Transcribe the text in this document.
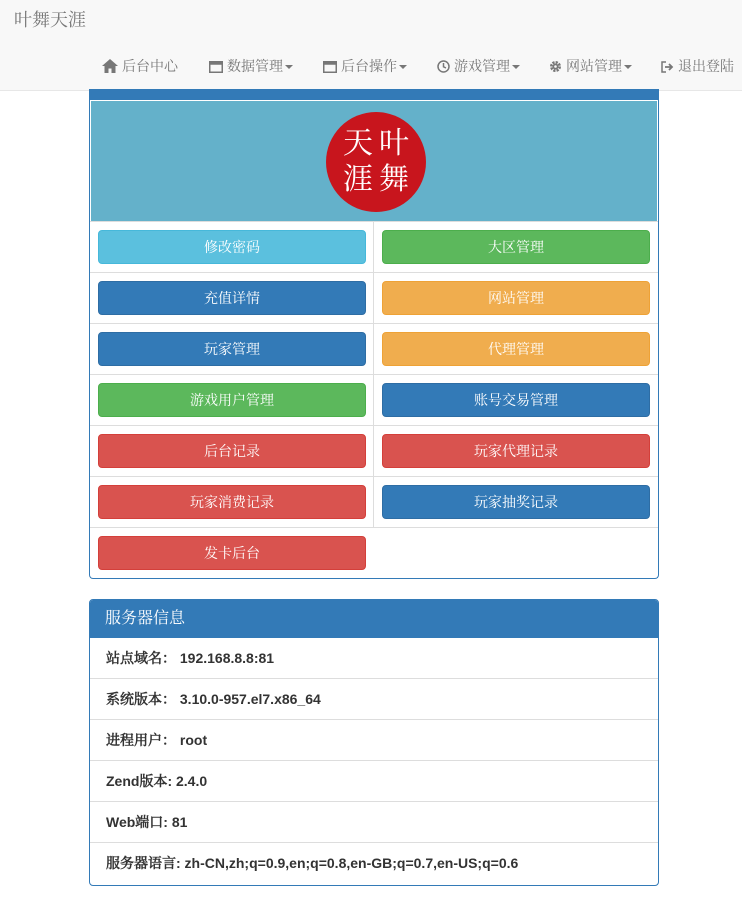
叶舞天涯
后台中心	数据管理	后台操作	游戏管理	网站管理	退出登陆
叶
舞
天
涯
修改密码	大区管理
充值详情	网站管理
玩家管理	代理管理
游戏用户管理	账号交易管理
后台记录	玩家代理记录
玩家消费记录	玩家抽奖记录
发卡后台
服务器信息
站点域名： 192.168.8.8:81
系统版本： 3.10.0-957.el7.x86_64
进程用户： root
Zend版本: 2.4.0
Web端口: 81
服务器语言: zh-CN,zh;q=0.9,en;q=0.8,en-GB;q=0.7,en-US;q=0.6
